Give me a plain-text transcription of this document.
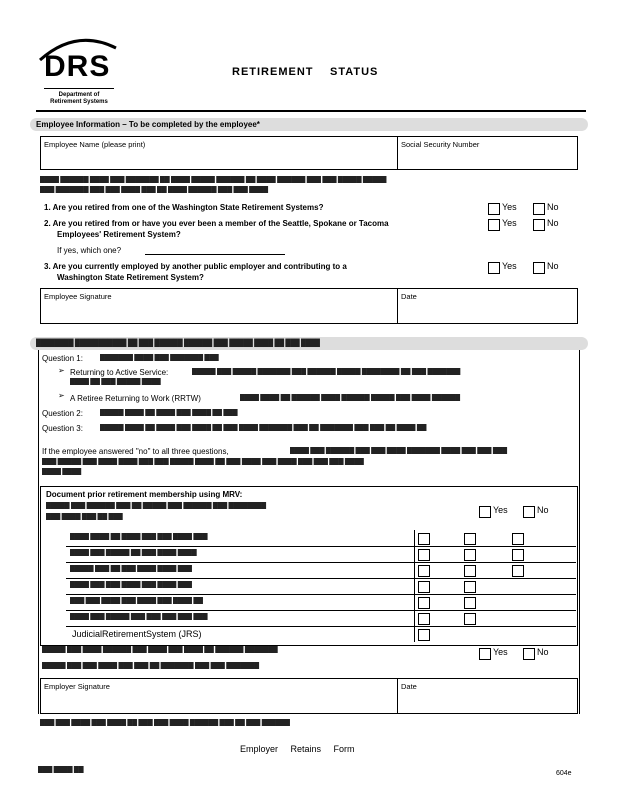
DRS
Department of
Retirement Systems
RETIREMENT STATUS
Employee Information – To be completed by the employee*
Employee Name (please print)	Social Security Number
████ ██████ ████ ███ ███████ ██ ████ █████ ██████ ██ ████ ██████ ███ ███ █████ █████
███ ███████ ███ ███ ████ ███ ██ ████ ██████ ███ ███ ████
1. Are you retired from one of the Washington State Retirement Systems?	Yes	No
2. Are you retired from or have you ever been a member of the Seattle, Spokane or Tacoma
Employees' Retirement System?
Yes	No
If yes, which one?
3. Are you currently employed by another public employer and contributing to a
Washington State Retirement System?
Yes	No
Employee Signature	Date
████████ ███████████ ██ ███ ██████ ██████ ███ █████ ████ ██ ███ ████
Question 1: ███████ ████ ███ ███████ ███
➢ Returning to Active Service:	█████ ███ █████ ███████ ███ ██████ █████ ████████ ██ ███ ███████
████ ██ ███ █████ ████
➢ A Retiree Returning to Work (RRTW)	████ ████ ██ ██████ ████ ██████ █████ ███ ████ ██████
Question 2: █████ ████ ██ ████ ███ ████ ██ ███
Question 3: █████ ████ ██ ████ ███ ████ ██ ███ ████ ███████ ███ ██ ███████ ███ ███ ██ ████ ██
If the employee answered "no" to all three questions,	████ ███ ██████ ███ ███ ████ ███████ ████ ███ ███ ███
███ █████ ███ ████ ████ ███ ███ █████ ████ ██ ███ ████ ███ ████ ███ ███ ███ ████
████ ████
Document prior retirement membership using MRV:
█████ ███ ██████ ███ ██ █████ ███ ██████ ███ ████████
███ ████ ███ ██ ███
Yes	No
████ ████ ██ ████ ███ ███ ████ ███
████ ███ █████ ██ ███ ████ ████
█████ ███ ██ ███ ████ ████ ███
████ ███ ███ ████ ███ ████ ███
███ ███ ████ ███ ████ ███ ████ ██
████ ███ █████ ███ ███ ███ ███ ███
JudicialRetirementSystem (JRS)
█████ ███ ████ ██████ ███ ████ ███ ████ ██ ██████ ███████	Yes	No
█████ ███ ███ ████ ███ ███ ██ ███████ ███ ███ ███████
Employer Signature	Date
███ ███ ████ ███ ████ ██ ███ ███ ████ ██████ ███ ██ ███ ██████
Employer Retains Form
███ ████ ██
604e
